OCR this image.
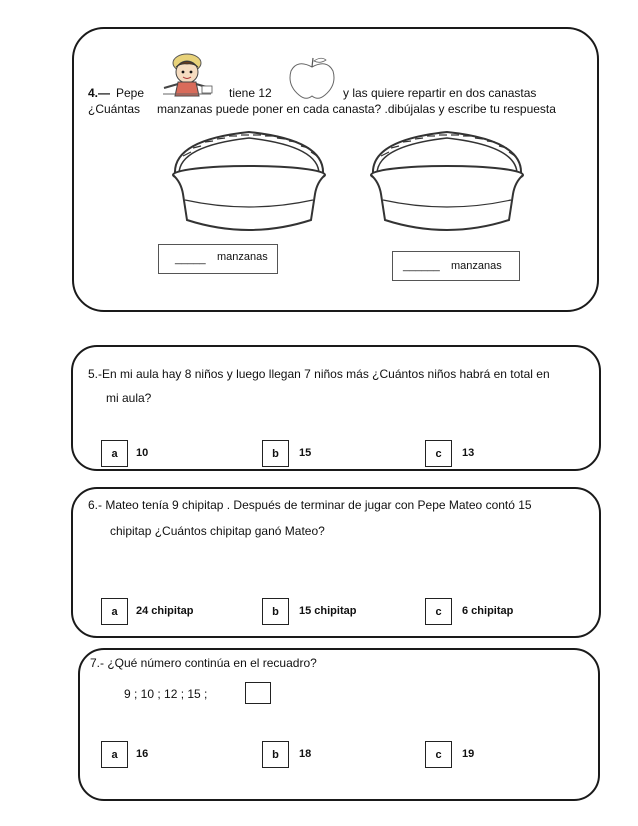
4.— Pepe	tiene 12	y las quiere repartir en dos canastas
¿Cuántas manzanas puede poner en cada canasta? .dibújalas y escribe tu respuesta
_____ manzanas
______ manzanas
5.-En mi aula hay 8 niños y luego llegan 7 niños más ¿Cuántos niños habrá en total en
mi aula?
a	10	b	15	c	13
6.- Mateo tenía 9 chipitap . Después de terminar de jugar con Pepe Mateo contó 15
chipitap ¿Cuántos chipitap ganó Mateo?
a	24 chipitap	b	15 chipitap	c	6 chipitap
7.- ¿Qué número continúa en el recuadro?
9 ; 10 ; 12 ; 15 ;
a	16	b	18	c	19
